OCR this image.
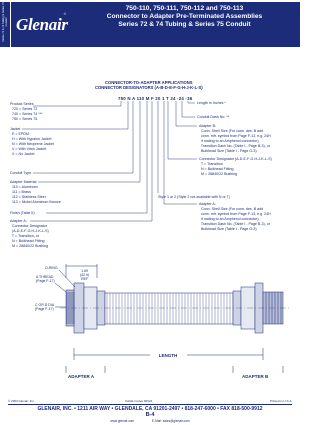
Series 72 & 74 Tubing & Series 75 Conduit Glenair
®
750-110, 750-111, 750-112 and 750-113
Connector to Adapter Pre-Terminated Assemblies
Series 72 & 74 Tubing & Series 75 Conduit
CONNECTOR-TO-ADAPTER APPLICATIONS
CONNECTOR DESIGNATORS (A-B-D-E-F-G-H-J-K-L-S)
750 N A 110 M F 20 1 T 24 -24 -36
Product Series
720 = Series 72
740 = Series 74 ***
750 = Series 75
Jacket
E = EPDM
H = With Hypalon Jacket
N = With Neoprene Jacket
V = With Viton Jacket
X = No Jacket
Conduit Type
Adapter Material
110 = Aluminum
111 = Brass
112 = Stainless Steel
113 = Nickel Aluminum Bronze
Finish (Table II)
Adapter A:
Connector Designator
(A-D-E-F-G-H-J-K-L-S)
T = Transition, or
N = Bulkhead Fitting
M = 28840/22 Bushing
Length in Inches *
Conduit Dash No. **
Adapter B:
Conn. Shell Size (For conn. des. B add
conn. mfr. symbol from Page F-13, e.g. 24H
if mating to an Amphenol connector),
Transition Dash No. (Table I - Page B-3), or
Bulkhead Size (Table I - Page G-3)
Connector Designator (A-D-E-F-G-H-J-K-L-S)
T = Transition
N = Bulkhead Fitting
M = 28840/22 Bushing
Style 1 or 2 (Style 2 not available with N or T)
Adapter A:
Conn. Shell Size (For conn. des. B add
conn. mfr. symbol from Page F-13, e.g. 24H
if mating to an Amphenol connector),
Transition Dash No. (Table I - Page B-3), or
Bulkhead Size (Table I - Page G-3)
LENGTH
O-RING
A THREAD
(Page F-17)
1.69
(42.9)
REF
C OR D DIA
(Page F-17)
ADAPTER A	ADAPTER B
© 2003 Glenair, Inc.	CAGE Codes 06324	Printed in U.S.A.
GLENAIR, INC. • 1211 AIR WAY • GLENDALE, CA 91201-2497 • 818-247-6000 • FAX 818-500-9912
B-4
www.glenair.com                    E-Mail: sales@glenair.com
